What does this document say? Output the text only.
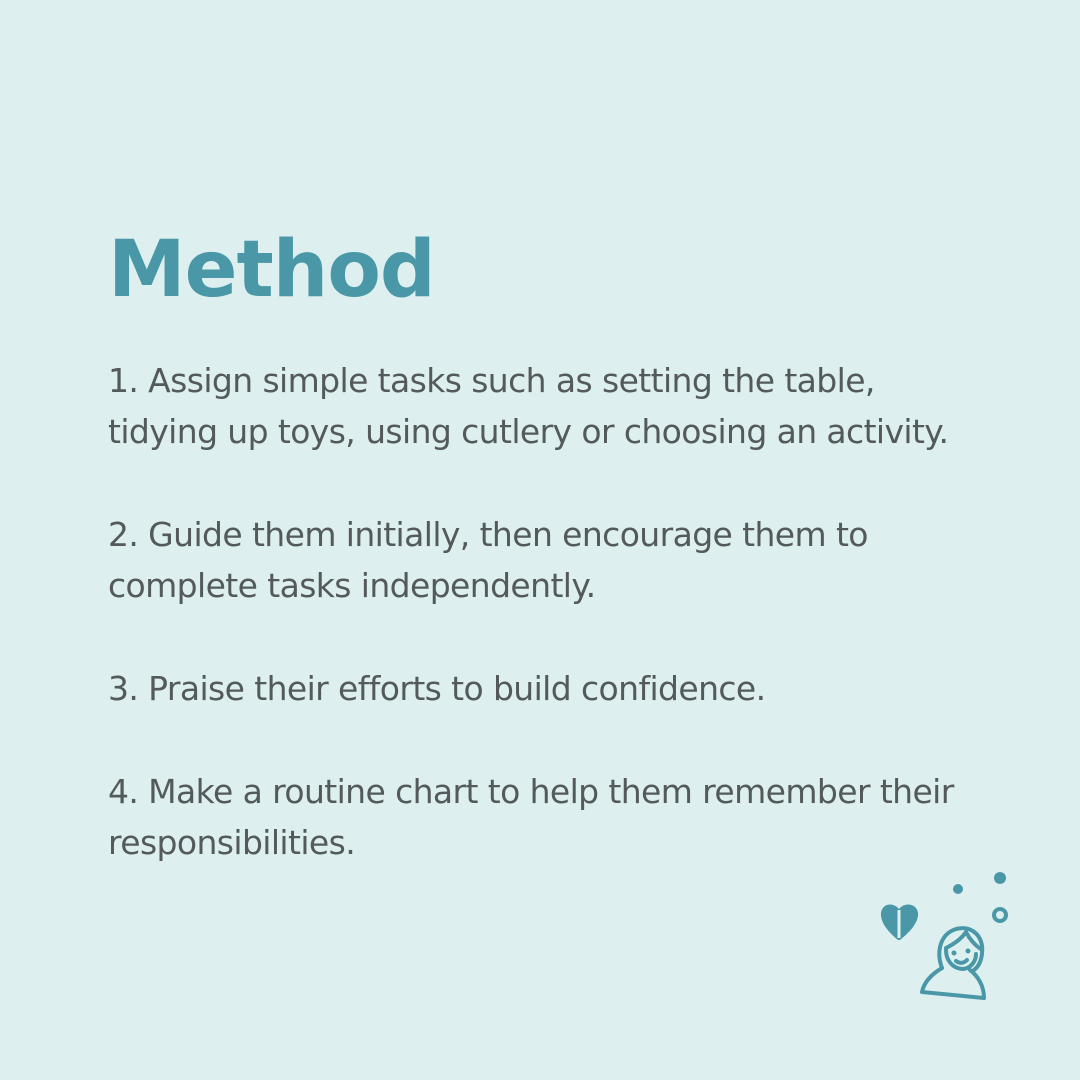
Method
1. Assign simple tasks such as setting the table,
tidying up toys, using cutlery or choosing an activity.
2. Guide them initially, then encourage them to
complete tasks independently.
3. Praise their efforts to build confidence.
4. Make a routine chart to help them remember their
responsibilities.
